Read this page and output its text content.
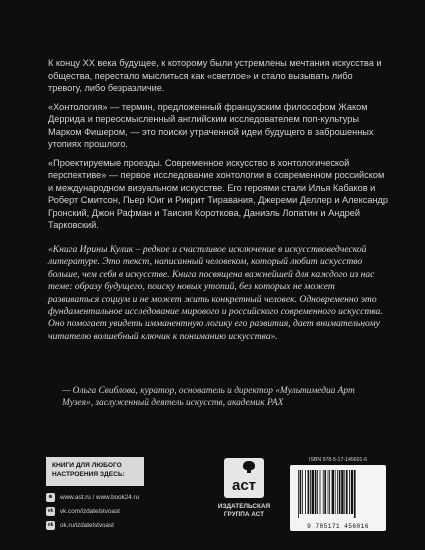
К концу XX века будущее, к которому были устремлены мечтания искусства и общества, перестало мыслиться как «светлое» и стало вызывать либо тревогу, либо безразличие.

«Хонтология» — термин, предложенный французским философом Жаком Деррида и переосмысленный английским исследователем поп-культуры Марком Фишером, — это поиски утраченной идеи будущего в заброшенных утопиях прошлого.

«Проектируемые проезды. Современное искусство в хонтологической перспективе» — первое исследование хонтологии в современном российском и международном визуальном искусстве. Его героями стали Илья Кабаков и Роберт Смитсон, Пьер Юиг и Рикрит Тиравания, Джереми Деллер и Александр Гронский, Джон Рафман и Таисия Короткова, Даниэль Лопатин и Андрей Тарковский.

«Книга Ирины Кулик – редкое и счастливое исключение в искусствоведческой литературе. Это текст, написанный человеком, который любит искусство больше, чем себя в искусстве. Книга посвящена важнейшей для каждого из нас теме: образу будущего, поиску новых утопий, без которых не может развиваться социум и не может жить конкретный человек. Одновременно это фундаментальное исследование мирового и российского современного искусства. Оно помогает увидеть имманентную логику его развития, дает внимательному читателю волшебный ключик к пониманию искусства».

— Ольга Свиблова, куратор, основатель и директор «Мультимедиа Арт Музея», заслуженный деятель искусств, академик РАХ
КНИГИ ДЛЯ ЛЮБОГО
НАСТРОЕНИЯ ЗДЕСЬ:
⊕	www.ast.ru / www.book24.ru
vk vk.com/izdatelstvoast
ok ok.ru/izdatelstvoast
аст
ИЗДАТЕЛЬСКАЯ
ГРУППА АСТ
ISBN 978-5-17-145601-6
9 785171 456016
